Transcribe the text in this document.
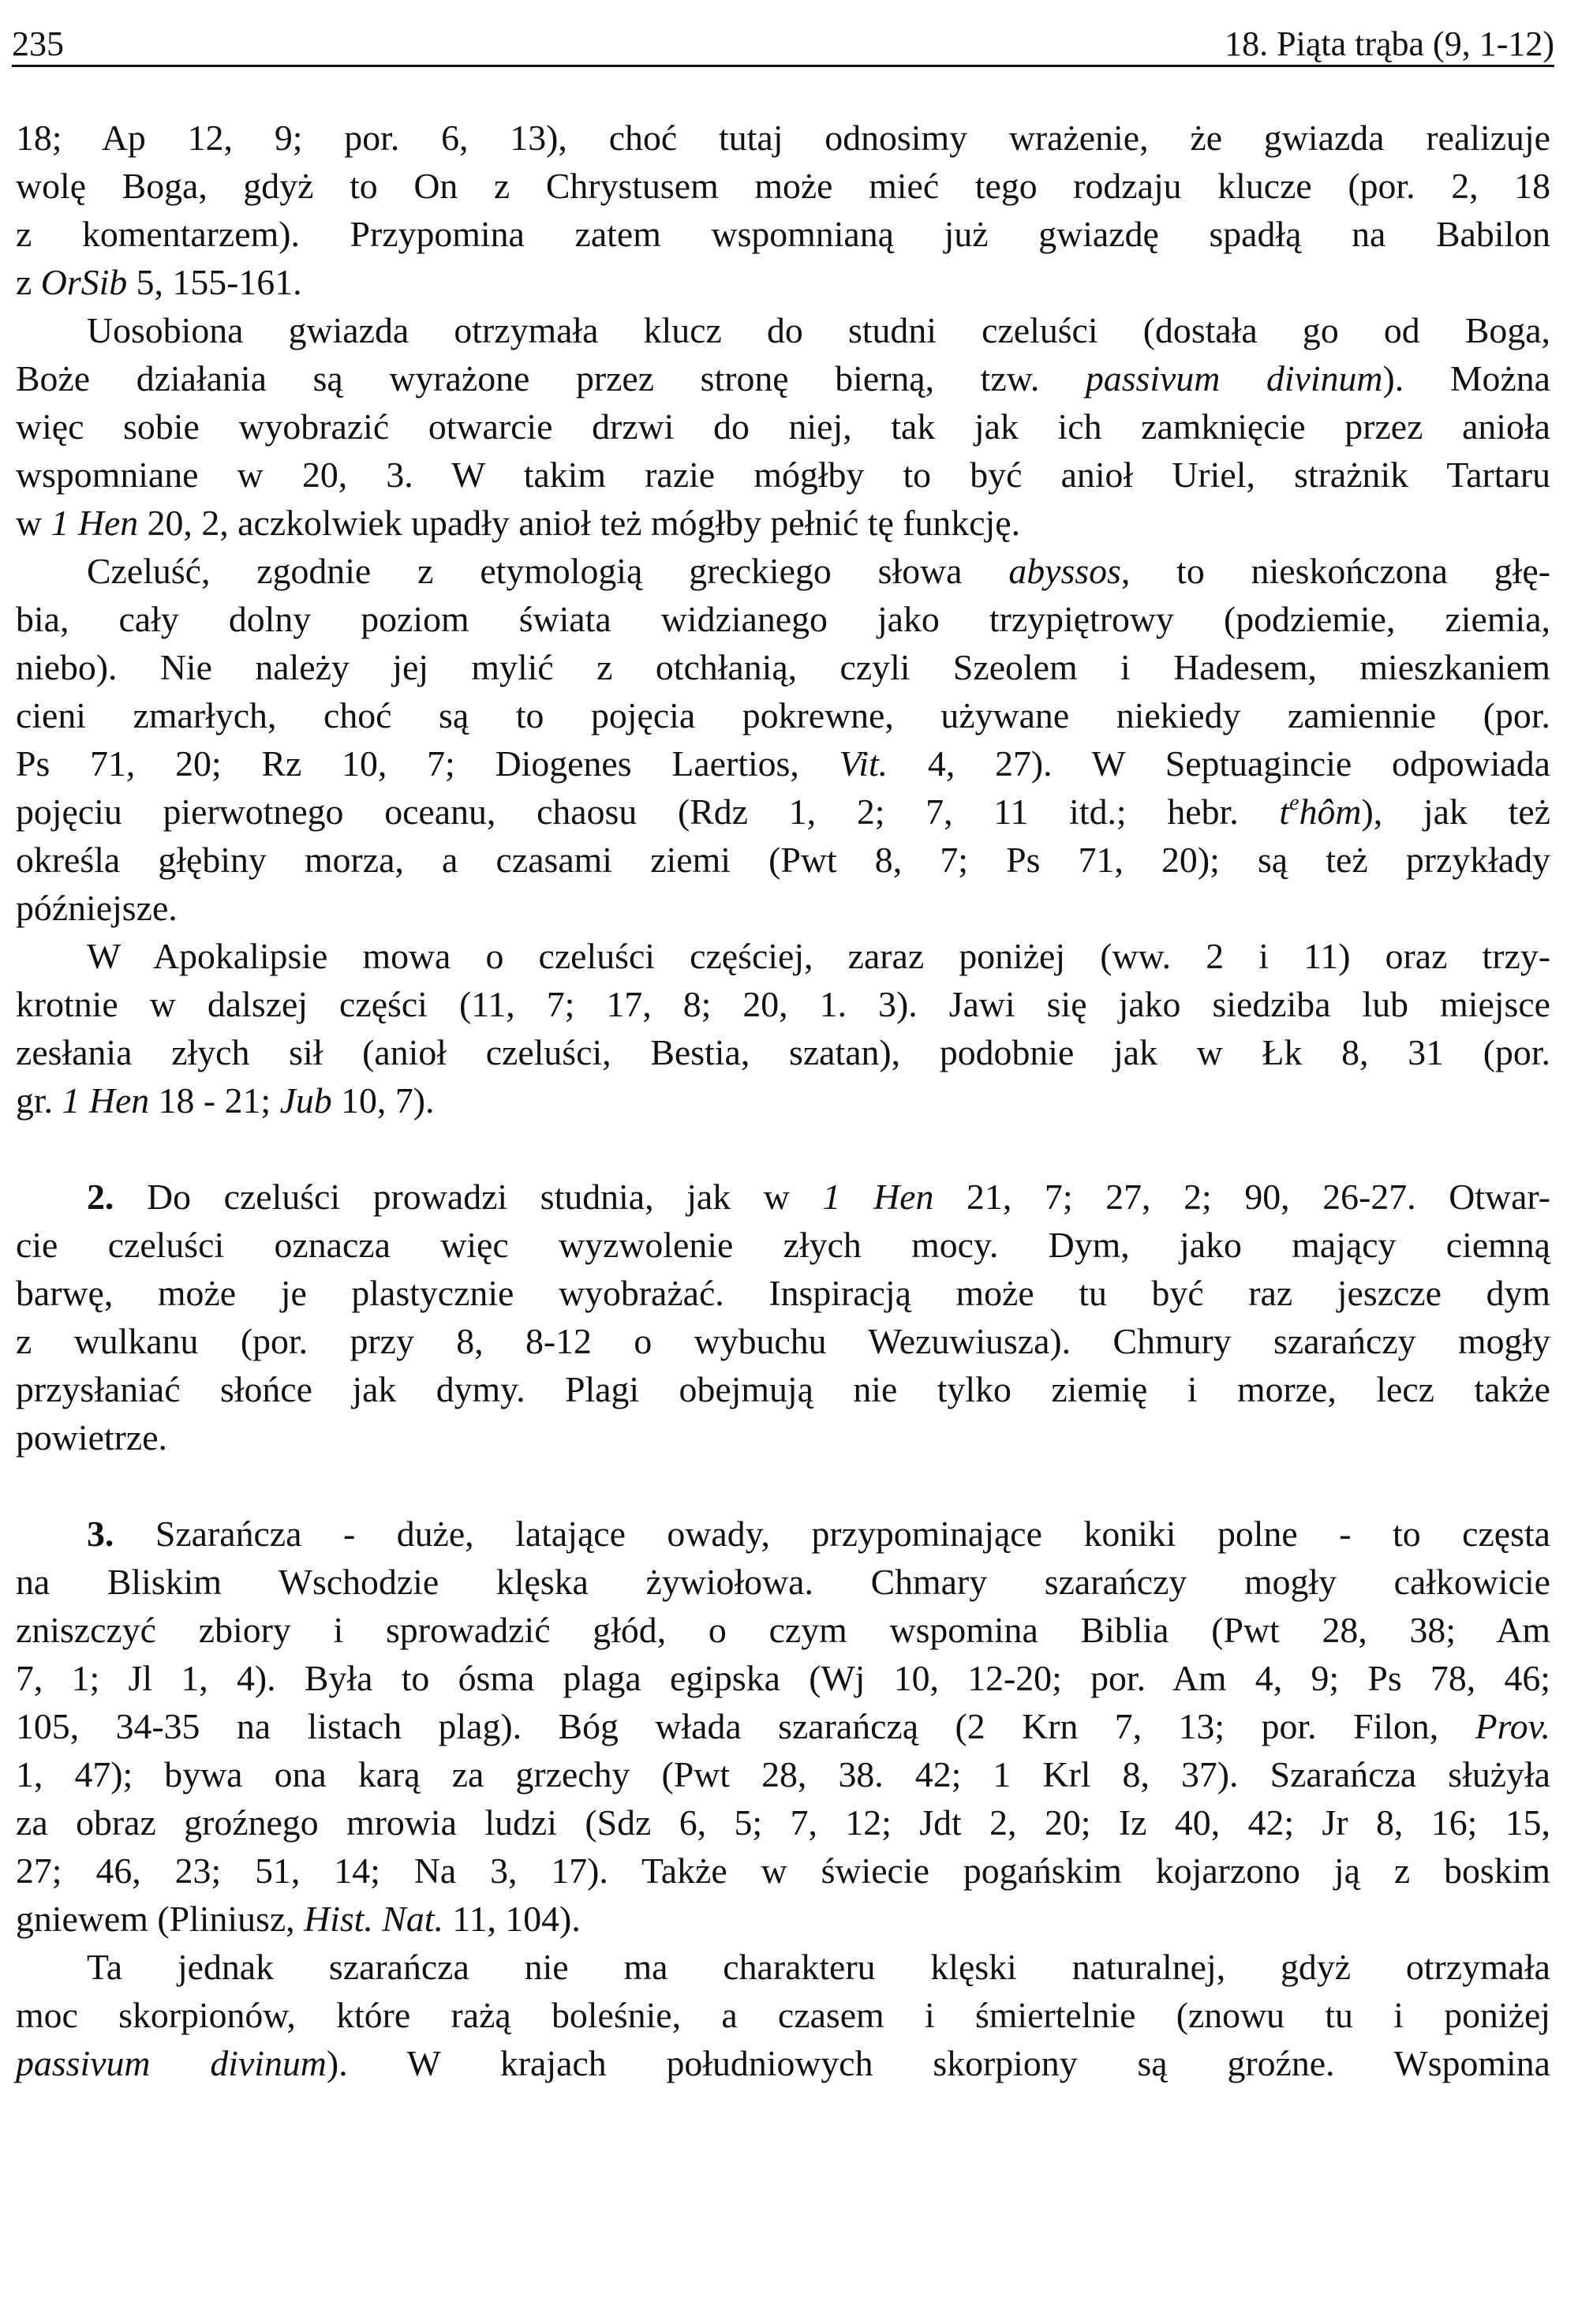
235	18. Piąta trąba (9, 1-12)
18; Ap 12, 9; por. 6, 13), choć tutaj odnosimy wrażenie, że gwiazda realizuje
wolę Boga, gdyż to On z Chrystusem może mieć tego rodzaju klucze (por. 2, 18
z komentarzem). Przypomina zatem wspomnianą już gwiazdę spadłą na Babilon
z OrSib 5, 155-161.
Uosobiona gwiazda otrzymała klucz do studni czeluści (dostała go od Boga,
Boże działania są wyrażone przez stronę bierną, tzw. passivum divinum). Można
więc sobie wyobrazić otwarcie drzwi do niej, tak jak ich zamknięcie przez anioła
wspomniane w 20, 3. W takim razie mógłby to być anioł Uriel, strażnik Tartaru
w 1 Hen 20, 2, aczkolwiek upadły anioł też mógłby pełnić tę funkcję.
Czeluść, zgodnie z etymologią greckiego słowa abyssos, to nieskończona głę-
bia, cały dolny poziom świata widzianego jako trzypiętrowy (podziemie, ziemia,
niebo). Nie należy jej mylić z otchłanią, czyli Szeolem i Hadesem, mieszkaniem
cieni zmarłych, choć są to pojęcia pokrewne, używane niekiedy zamiennie (por.
Ps 71, 20; Rz 10, 7; Diogenes Laertios, Vit. 4, 27). W Septuagincie odpowiada
pojęciu pierwotnego oceanu, chaosu (Rdz 1, 2; 7, 11 itd.; hebr. $t^ehôm$), jak też
określa głębiny morza, a czasami ziemi (Pwt 8, 7; Ps 71, 20); są też przykłady
późniejsze.
W Apokalipsie mowa o czeluści częściej, zaraz poniżej (ww. 2 i 11) oraz trzy-
krotnie w dalszej części (11, 7; 17, 8; 20, 1. 3). Jawi się jako siedziba lub miejsce
zesłania złych sił (anioł czeluści, Bestia, szatan), podobnie jak w Łk 8, 31 (por.
gr. 1 Hen 18 - 21; Jub 10, 7).
2. Do czeluści prowadzi studnia, jak w 1 Hen 21, 7; 27, 2; 90, 26-27. Otwar-
cie czeluści oznacza więc wyzwolenie złych mocy. Dym, jako mający ciemną
barwę, może je plastycznie wyobrażać. Inspiracją może tu być raz jeszcze dym
z wulkanu (por. przy 8, 8-12 o wybuchu Wezuwiusza). Chmury szarańczy mogły
przysłaniać słońce jak dymy. Plagi obejmują nie tylko ziemię i morze, lecz także
powietrze.
3. Szarańcza - duże, latające owady, przypominające koniki polne - to częsta
na Bliskim Wschodzie klęska żywiołowa. Chmary szarańczy mogły całkowicie
zniszczyć zbiory i sprowadzić głód, o czym wspomina Biblia (Pwt 28, 38; Am
7, 1; Jl 1, 4). Była to ósma plaga egipska (Wj 10, 12-20; por. Am 4, 9; Ps 78, 46;
105, 34-35 na listach plag). Bóg włada szarańczą (2 Krn 7, 13; por. Filon, Prov.
1, 47); bywa ona karą za grzechy (Pwt 28, 38. 42; 1 Krl 8, 37). Szarańcza służyła
za obraz groźnego mrowia ludzi (Sdz 6, 5; 7, 12; Jdt 2, 20; Iz 40, 42; Jr 8, 16; 15,
27; 46, 23; 51, 14; Na 3, 17). Także w świecie pogańskim kojarzono ją z boskim
gniewem (Pliniusz, Hist. Nat. 11, 104).
Ta jednak szarańcza nie ma charakteru klęski naturalnej, gdyż otrzymała
moc skorpionów, które rażą boleśnie, a czasem i śmiertelnie (znowu tu i poniżej
passivum divinum). W krajach południowych skorpiony są groźne. Wspomina
